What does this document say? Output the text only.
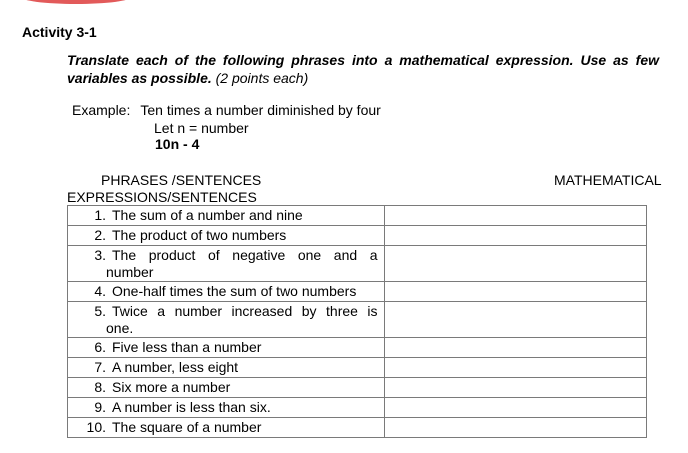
Activity 3-1
Translate each of the following phrases into a mathematical expression. Use as few variables as possible. (2 points each)
Example: Ten times a number diminished by four
Let n = number
10n - 4
PHRASES /SENTENCES	MATHEMATICAL
EXPRESSIONS/SENTENCES
1. The sum of a number and nine	

2. The product of two numbers	

3. The product of negative one and a
number	

4. One-half times the sum of two numbers	

5. Twice a number increased by three is
one.	

6. Five less than a number	

7. A number, less eight	

8. Six more a number	

9. A number is less than six.	

10. The square of a number	
